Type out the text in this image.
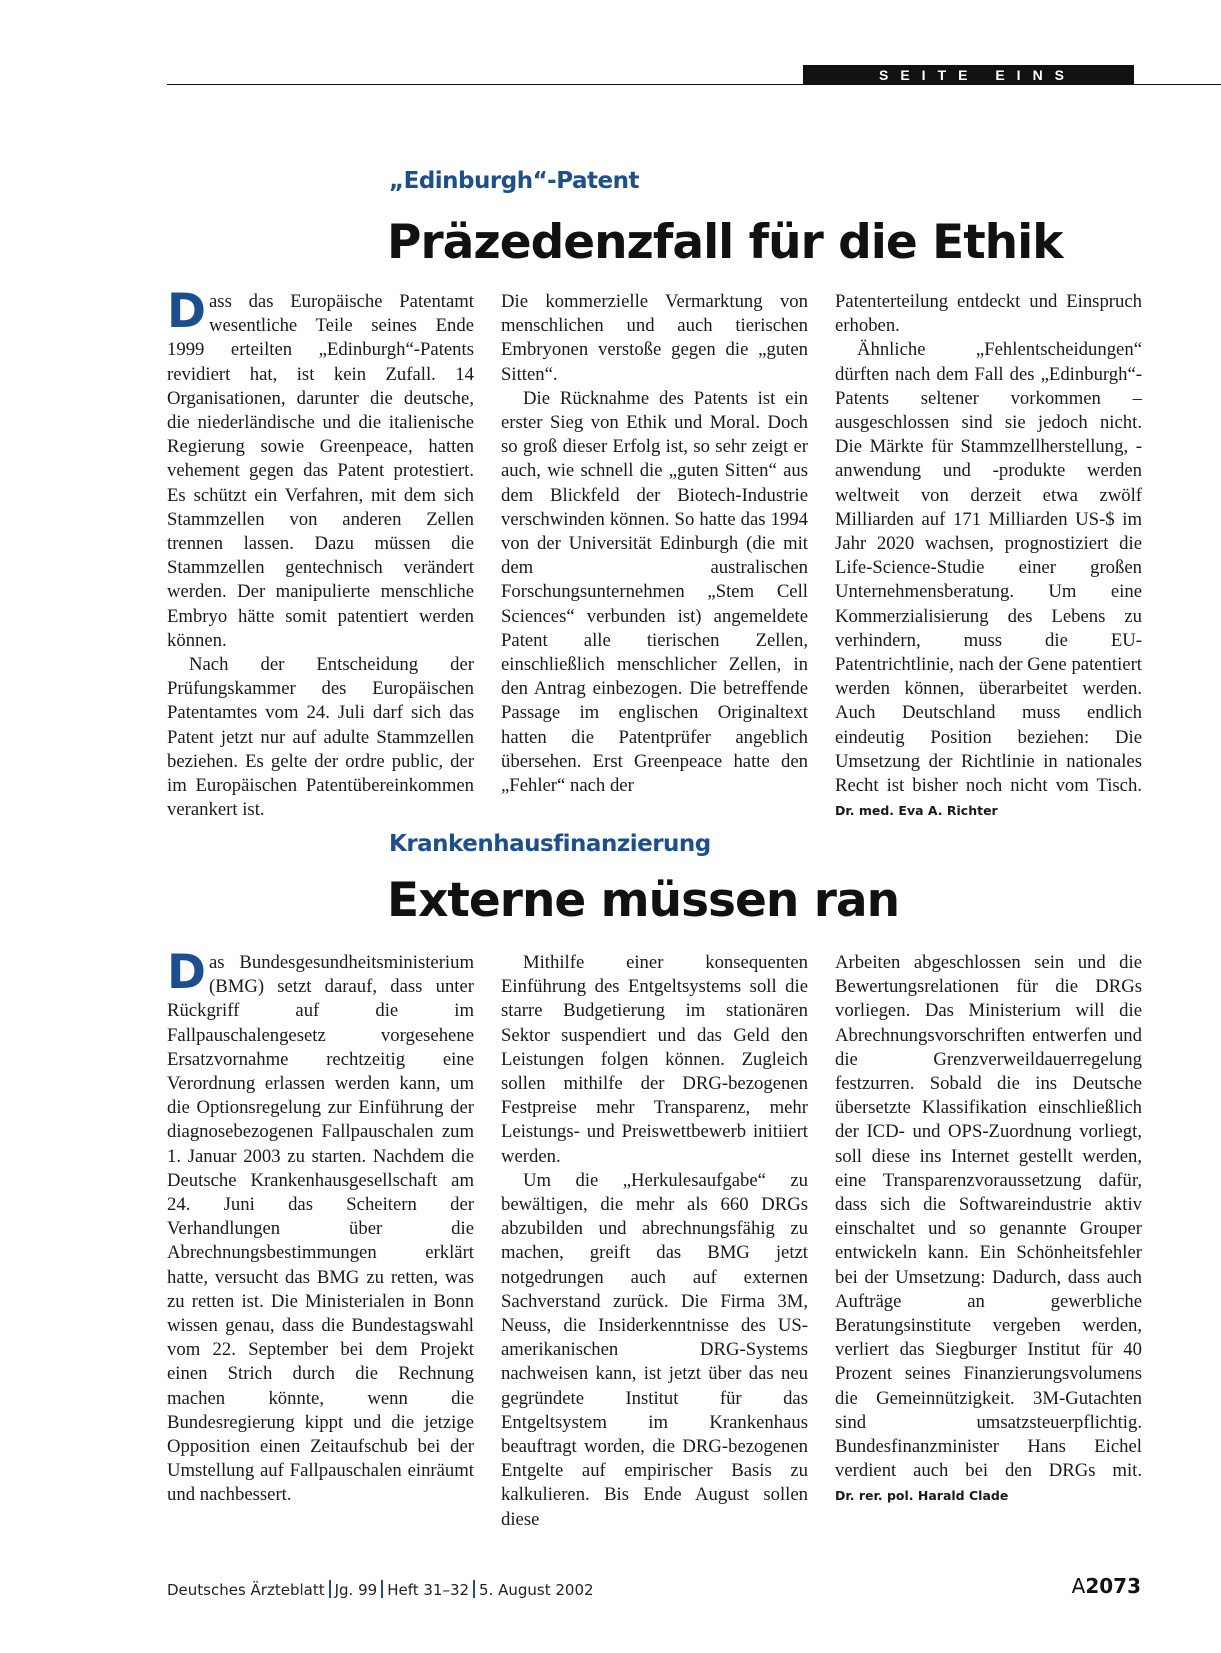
SEITE EINS
„Edinburgh“-Patent
Präzedenzfall für die Ethik

Dass das Europäische Patentamt wesentliche Teile seines Ende 1999 erteilten „Edinburgh“-Patents revidiert hat, ist kein Zufall. 14 Organisationen, darunter die deutsche, die niederländische und die italienische Regierung sowie Greenpeace, hatten vehement gegen das Patent protestiert. Es schützt ein Verfahren, mit dem sich Stammzellen von anderen Zellen trennen lassen. Dazu müssen die Stammzellen gentechnisch verändert werden. Der manipulierte menschliche Embryo hätte somit patentiert werden können.

Nach der Entscheidung der Prüfungskammer des Europäischen Patentamtes vom 24. Juli darf sich das Patent jetzt nur auf adulte Stammzellen beziehen. Es gelte der ordre public, der im Europäischen Patentübereinkommen verankert ist.

Die kommerzielle Vermarktung von menschlichen und auch tierischen Embryonen verstoße gegen die „guten Sitten“.

Die Rücknahme des Patents ist ein erster Sieg von Ethik und Moral. Doch so groß dieser Erfolg ist, so sehr zeigt er auch, wie schnell die „guten Sitten“ aus dem Blickfeld der Biotech-Industrie verschwinden können. So hatte das 1994 von der Universität Edinburgh (die mit dem australischen Forschungsunternehmen „Stem Cell Sciences“ verbunden ist) angemeldete Patent alle tierischen Zellen, einschließlich menschlicher Zellen, in den Antrag einbezogen. Die betreffende Passage im englischen Originaltext hatten die Patentprüfer angeblich übersehen. Erst Greenpeace hatte den „Fehler“ nach der

Patenterteilung entdeckt und Einspruch erhoben.

Ähnliche „Fehlentscheidungen“ dürften nach dem Fall des „Edinburgh“-Patents seltener vorkommen – ausgeschlossen sind sie jedoch nicht. Die Märkte für Stammzellherstellung, -anwendung und -produkte werden weltweit von derzeit etwa zwölf Milliarden auf 171 Milliarden US-$ im Jahr 2020 wachsen, prognostiziert die Life-Science-Studie einer großen Unternehmensberatung. Um eine Kommerzialisierung des Lebens zu verhindern, muss die EU-Patentrichtlinie, nach der Gene patentiert werden können, überarbeitet werden. Auch Deutschland muss endlich eindeutig Position beziehen: Die Umsetzung der Richtlinie in nationales Recht ist bisher noch nicht vom Tisch. Dr. med. Eva A. Richter

Krankenhausfinanzierung
Externe müssen ran

Das Bundesgesundheitsministerium (BMG) setzt darauf, dass unter Rückgriff auf die im Fallpauschalengesetz vorgesehene Ersatzvornahme rechtzeitig eine Verordnung erlassen werden kann, um die Optionsregelung zur Einführung der diagnosebezogenen Fallpauschalen zum 1. Januar 2003 zu starten. Nachdem die Deutsche Krankenhausgesellschaft am 24. Juni das Scheitern der Verhandlungen über die Abrechnungsbestimmungen erklärt hatte, versucht das BMG zu retten, was zu retten ist. Die Ministerialen in Bonn wissen genau, dass die Bundestagswahl vom 22. September bei dem Projekt einen Strich durch die Rechnung machen könnte, wenn die Bundesregierung kippt und die jetzige Opposition einen Zeitaufschub bei der Umstellung auf Fallpauschalen einräumt und nachbessert.

Mithilfe einer konsequenten Einführung des Entgeltsystems soll die starre Budgetierung im stationären Sektor suspendiert und das Geld den Leistungen folgen können. Zugleich sollen mithilfe der DRG-bezogenen Festpreise mehr Transparenz, mehr Leistungs- und Preiswettbewerb initiiert werden.

Um die „Herkulesaufgabe“ zu bewältigen, die mehr als 660 DRGs abzubilden und abrechnungsfähig zu machen, greift das BMG jetzt notgedrungen auch auf externen Sachverstand zurück. Die Firma 3M, Neuss, die Insiderkenntnisse des US-amerikanischen DRG-Systems nachweisen kann, ist jetzt über das neu gegründete Institut für das Entgeltsystem im Krankenhaus beauftragt worden, die DRG-bezogenen Entgelte auf empirischer Basis zu kalkulieren. Bis Ende August sollen diese

Arbeiten abgeschlossen sein und die Bewertungsrelationen für die DRGs vorliegen. Das Ministerium will die Abrechnungsvorschriften entwerfen und die Grenzverweildauerregelung festzurren. Sobald die ins Deutsche übersetzte Klassifikation einschließlich der ICD- und OPS-Zuordnung vorliegt, soll diese ins Internet gestellt werden, eine Transparenzvoraussetzung dafür, dass sich die Softwareindustrie aktiv einschaltet und so genannte Grouper entwickeln kann. Ein Schönheitsfehler bei der Umsetzung: Dadurch, dass auch Aufträge an gewerbliche Beratungsinstitute vergeben werden, verliert das Siegburger Institut für 40 Prozent seines Finanzierungsvolumens die Gemeinnützigkeit. 3M-Gutachten sind umsatzsteuerpflichtig. Bundesfinanzminister Hans Eichel verdient auch bei den DRGs mit. Dr. rer. pol. Harald Clade

Deutsches Ärzteblatt Jg. 99 Heft 31–32 5. August 2002	A2073
